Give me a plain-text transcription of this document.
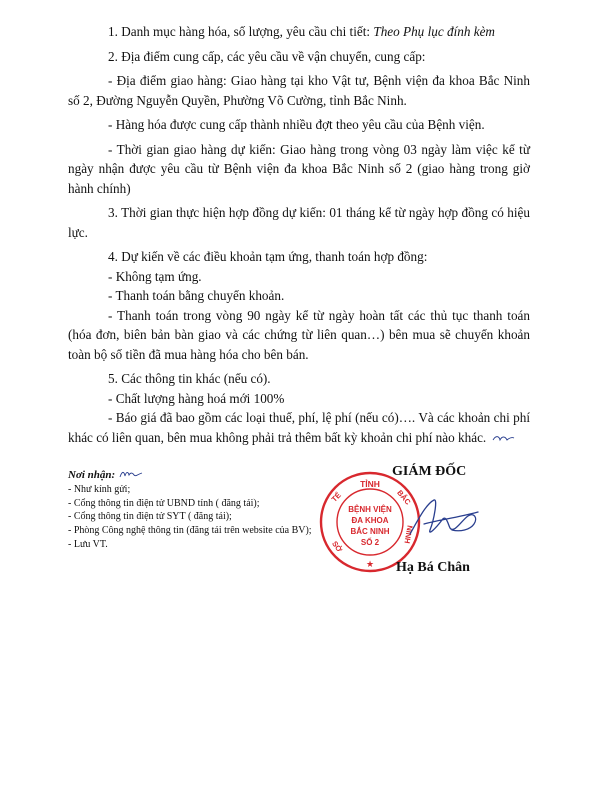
1. Danh mục hàng hóa, số lượng, yêu cầu chi tiết: Theo Phụ lục đính kèm

2. Địa điểm cung cấp, các yêu cầu về vận chuyển, cung cấp:

- Địa điểm giao hàng: Giao hàng tại kho Vật tư, Bệnh viện đa khoa Bắc Ninh số 2, Đường Nguyễn Quyền, Phường Võ Cường, tỉnh Bắc Ninh.

- Hàng hóa được cung cấp thành nhiều đợt theo yêu cầu của Bệnh viện.

- Thời gian giao hàng dự kiến: Giao hàng trong vòng 03 ngày làm việc kể từ ngày nhận được yêu cầu từ Bệnh viện đa khoa Bắc Ninh số 2 (giao hàng trong giờ hành chính)

3. Thời gian thực hiện hợp đồng dự kiến: 01 tháng kể từ ngày hợp đồng có hiệu lực.

4. Dự kiến về các điều khoản tạm ứng, thanh toán hợp đồng:

- Không tạm ứng.

- Thanh toán bằng chuyển khoản.

- Thanh toán trong vòng 90 ngày kể từ ngày hoàn tất các thủ tục thanh toán (hóa đơn, biên bản bàn giao và các chứng từ liên quan…) bên mua sẽ chuyển khoản toàn bộ số tiền đã mua hàng hóa cho bên bán.

5. Các thông tin khác (nếu có).

- Chất lượng hàng hoá mới 100%

- Báo giá đã bao gồm các loại thuế, phí, lệ phí (nếu có)…. Và các khoản chi phí khác có liên quan, bên mua không phải trả thêm bất kỳ khoản chi phí nào khác.

Nơi nhận:
- Như kính gửi;
- Cổng thông tin điện tử UBND tỉnh ( đăng tải);
- Cổng thông tin điện tử SYT ( đăng tải);
- Phòng Công nghệ thông tin (đăng tải trên website của BV);
- Lưu VT.
TỈNH
TẾ	BẮC
NINH
SỞ
BỆNH VIỆN
ĐA KHOA
BẮC NINH
SỐ 2
★
GIÁM ĐỐC
Hạ Bá Chân
